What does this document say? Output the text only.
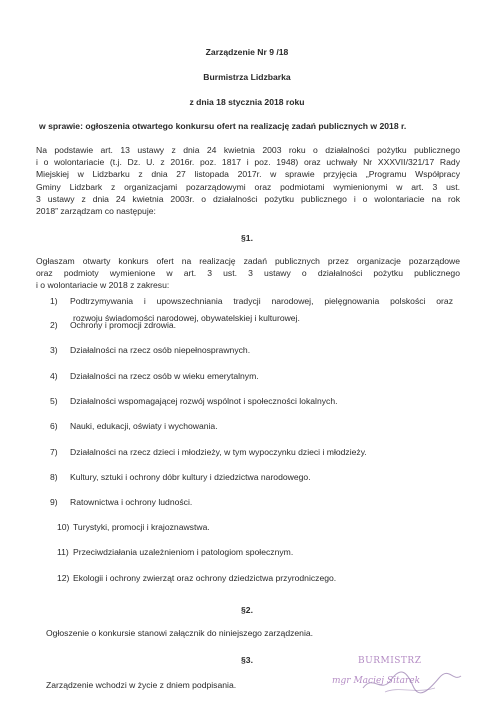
Zarządzenie Nr 9 /18
Burmistrza Lidzbarka
z dnia 18 stycznia 2018 roku
w sprawie: ogłoszenia otwartego konkursu ofert na realizację zadań publicznych w 2018 r.
Na podstawie art. 13 ustawy z dnia 24 kwietnia 2003 roku o działalności pożytku publicznego
i o wolontariacie (t.j. Dz. U. z 2016r. poz. 1817 i poz. 1948) oraz uchwały Nr XXXVII/321/17 Rady
Miejskiej w Lidzbarku z dnia 27 listopada 2017r. w sprawie przyjęcia „Programu Współpracy
Gminy Lidzbark z organizacjami pozarządowymi oraz podmiotami wymienionymi w art. 3 ust.
3 ustawy z dnia 24 kwietnia 2003r. o działalności pożytku publicznego i o wolontariacie na rok
2018” zarządzam co następuje:
§1.
Ogłaszam otwarty konkurs ofert na realizację zadań publicznych przez organizacje pozarządowe
oraz podmioty wymienione w art. 3 ust. 3 ustawy o działalności pożytku publicznego
i o wolontariacie w 2018 z zakresu:
1) Podtrzymywania i upowszechniania tradycji narodowej, pielęgnowania polskości oraz
2) Ochrony i promocji zdrowia.
3) Działalności na rzecz osób niepełnosprawnych.
4) Działalności na rzecz osób w wieku emerytalnym.
5) Działalności wspomagającej rozwój wspólnot i społeczności lokalnych.
6) Nauki, edukacji, oświaty i wychowania.
7) Działalności na rzecz dzieci i młodzieży, w tym wypoczynku dzieci i młodzieży.
8) Kultury, sztuki i ochrony dóbr kultury i dziedzictwa narodowego.
9) Ratownictwa i ochrony ludności.
10) Turystyki, promocji i krajoznawstwa.
11) Przeciwdziałania uzależnieniom i patologiom społecznym.
12) Ekologii i ochrony zwierząt oraz ochrony dziedzictwa przyrodniczego.
rozwoju świadomości narodowej, obywatelskiej i kulturowej.
§2.
Ogłoszenie o konkursie stanowi załącznik do niniejszego zarządzenia.
§3.
Zarządzenie wchodzi w życie z dniem podpisania.
BURMISTRZ
mgr Maciej Sitarek
